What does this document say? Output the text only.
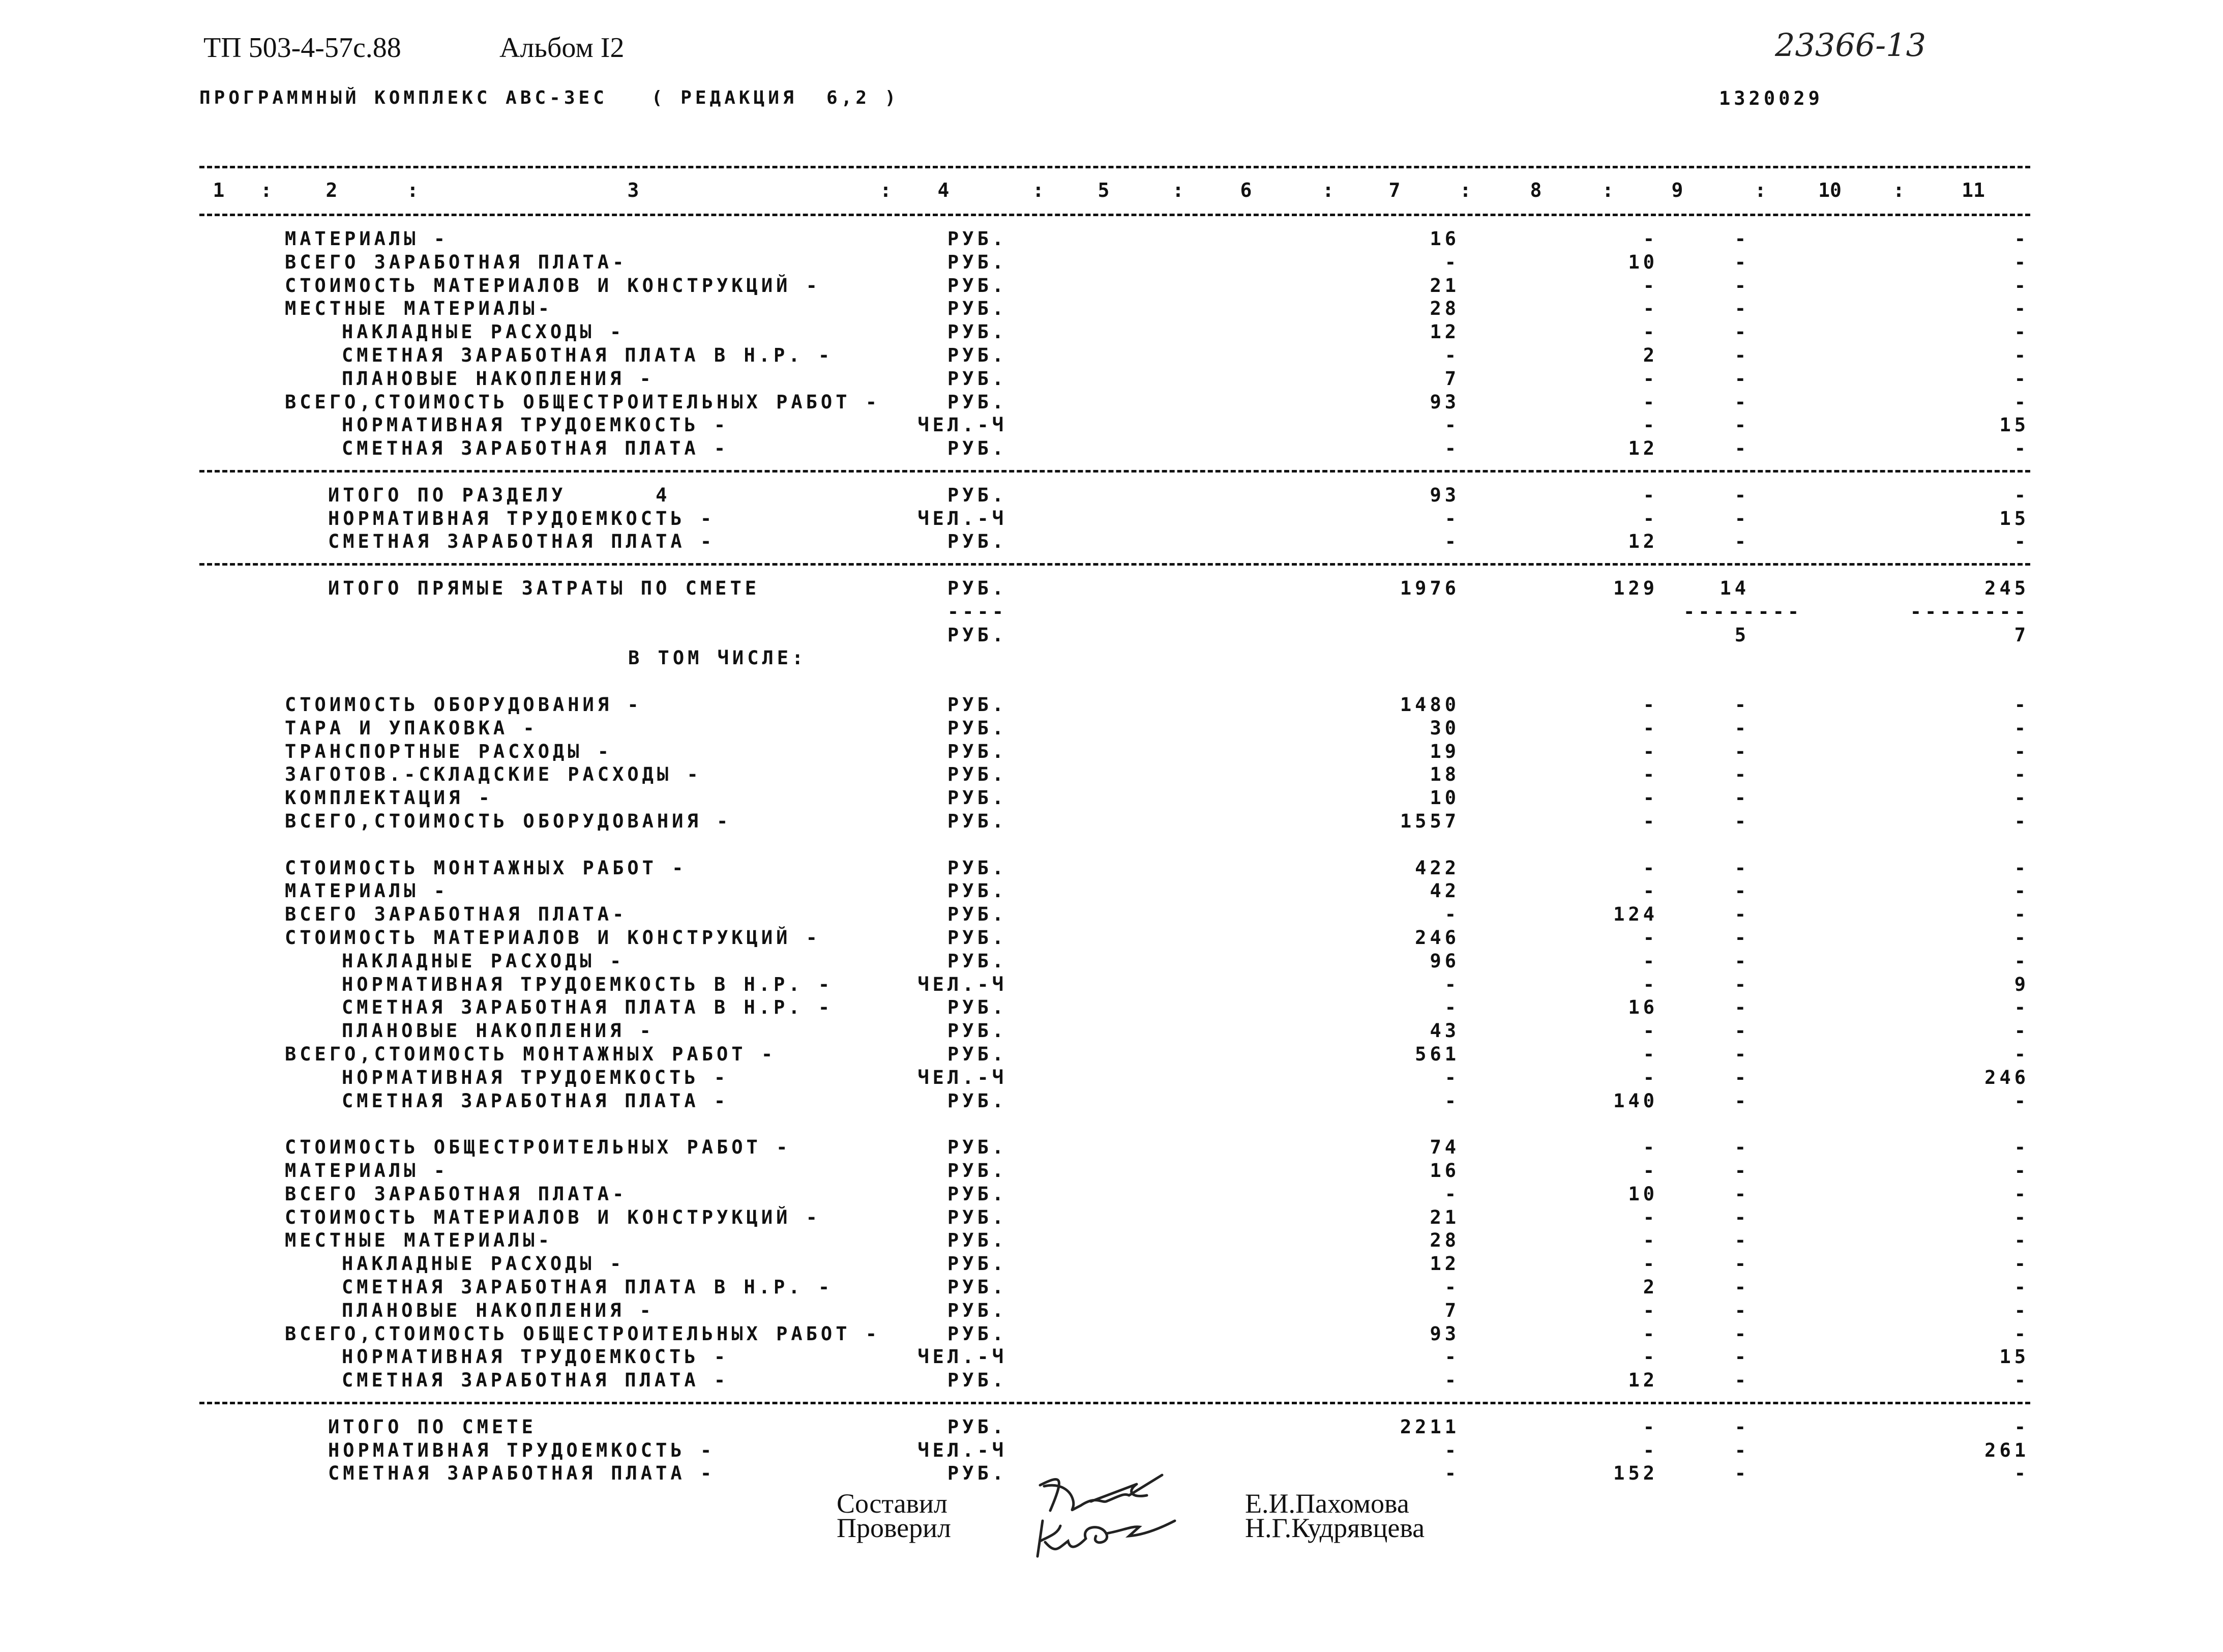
ТП 503-4-57с.88	Альбом I2	23366-13
ПРОГРАММНЫЙ КОМПЛЕКС АВС-ЗЕС   ( РЕДАКЦИЯ  6,2 )	1320029
1	2	3	4	5	6	7	8	9	10	11
:	:	:	:	:	:	:	:	:	:
МАТЕРИАЛЫ -	РУБ.	16	-	-	-
ВСЕГО ЗАРАБОТНАЯ ПЛАТА-	РУБ.	-	10	-	-
СТОИМОСТЬ МАТЕРИАЛОВ И КОНСТРУКЦИЙ -	РУБ.	21	-	-	-
МЕСТНЫЕ МАТЕРИАЛЫ-	РУБ.	28	-	-	-
НАКЛАДНЫЕ РАСХОДЫ -	РУБ.	12	-	-	-
СМЕТНАЯ ЗАРАБОТНАЯ ПЛАТА В Н.Р. -	РУБ.	-	2	-	-
ПЛАНОВЫЕ НАКОПЛЕНИЯ -	РУБ.	7	-	-	-
ВСЕГО,СТОИМОСТЬ ОБЩЕСТРОИТЕЛЬНЫХ РАБОТ -	РУБ.	93	-	-	-
НОРМАТИВНАЯ ТРУДОЕМКОСТЬ -	ЧЕЛ.-Ч	-	-	-	15
СМЕТНАЯ ЗАРАБОТНАЯ ПЛАТА -	РУБ.	-	12	-	-
ИТОГО ПО РАЗДЕЛУ      4	РУБ.	93	-	-	-
НОРМАТИВНАЯ ТРУДОЕМКОСТЬ -	ЧЕЛ.-Ч	-	-	-	15
СМЕТНАЯ ЗАРАБОТНАЯ ПЛАТА -	РУБ.	-	12	-	-
ИТОГО ПРЯМЫЕ ЗАТРАТЫ ПО СМЕТЕ	РУБ.	1976	129	14	245
----	--------	--------
РУБ.	5	7
В ТОМ ЧИСЛЕ:
СТОИМОСТЬ ОБОРУДОВАНИЯ -	РУБ.	1480	-	-	-
ТАРА И УПАКОВКА -	РУБ.	30	-	-	-
ТРАНСПОРТНЫЕ РАСХОДЫ -	РУБ.	19	-	-	-
ЗАГОТОВ.-СКЛАДСКИЕ РАСХОДЫ -	РУБ.	18	-	-	-
КОМПЛЕКТАЦИЯ -	РУБ.	10	-	-	-
ВСЕГО,СТОИМОСТЬ ОБОРУДОВАНИЯ -	РУБ.	1557	-	-	-
СТОИМОСТЬ МОНТАЖНЫХ РАБОТ -	РУБ.	422	-	-	-
МАТЕРИАЛЫ -	РУБ.	42	-	-	-
ВСЕГО ЗАРАБОТНАЯ ПЛАТА-	РУБ.	-	124	-	-
СТОИМОСТЬ МАТЕРИАЛОВ И КОНСТРУКЦИЙ -	РУБ.	246	-	-	-
НАКЛАДНЫЕ РАСХОДЫ -	РУБ.	96	-	-	-
НОРМАТИВНАЯ ТРУДОЕМКОСТЬ В Н.Р. -	ЧЕЛ.-Ч	-	-	-	9
СМЕТНАЯ ЗАРАБОТНАЯ ПЛАТА В Н.Р. -	РУБ.	-	16	-	-
ПЛАНОВЫЕ НАКОПЛЕНИЯ -	РУБ.	43	-	-	-
ВСЕГО,СТОИМОСТЬ МОНТАЖНЫХ РАБОТ -	РУБ.	561	-	-	-
НОРМАТИВНАЯ ТРУДОЕМКОСТЬ -	ЧЕЛ.-Ч	-	-	-	246
СМЕТНАЯ ЗАРАБОТНАЯ ПЛАТА -	РУБ.	-	140	-	-
СТОИМОСТЬ ОБЩЕСТРОИТЕЛЬНЫХ РАБОТ -	РУБ.	74	-	-	-
МАТЕРИАЛЫ -	РУБ.	16	-	-	-
ВСЕГО ЗАРАБОТНАЯ ПЛАТА-	РУБ.	-	10	-	-
СТОИМОСТЬ МАТЕРИАЛОВ И КОНСТРУКЦИЙ -	РУБ.	21	-	-	-
МЕСТНЫЕ МАТЕРИАЛЫ-	РУБ.	28	-	-	-
НАКЛАДНЫЕ РАСХОДЫ -	РУБ.	12	-	-	-
СМЕТНАЯ ЗАРАБОТНАЯ ПЛАТА В Н.Р. -	РУБ.	-	2	-	-
ПЛАНОВЫЕ НАКОПЛЕНИЯ -	РУБ.	7	-	-	-
ВСЕГО,СТОИМОСТЬ ОБЩЕСТРОИТЕЛЬНЫХ РАБОТ -	РУБ.	93	-	-	-
НОРМАТИВНАЯ ТРУДОЕМКОСТЬ -	ЧЕЛ.-Ч	-	-	-	15
СМЕТНАЯ ЗАРАБОТНАЯ ПЛАТА -	РУБ.	-	12	-	-
ИТОГО ПО СМЕТЕ	РУБ.	2211	-	-	-
НОРМАТИВНАЯ ТРУДОЕМКОСТЬ -	ЧЕЛ.-Ч	-	-	-	261
СМЕТНАЯ ЗАРАБОТНАЯ ПЛАТА -	РУБ.	-	152	-	-
Составил
Проверил
Е.И.Пахомова
Н.Г.Кудрявцева
